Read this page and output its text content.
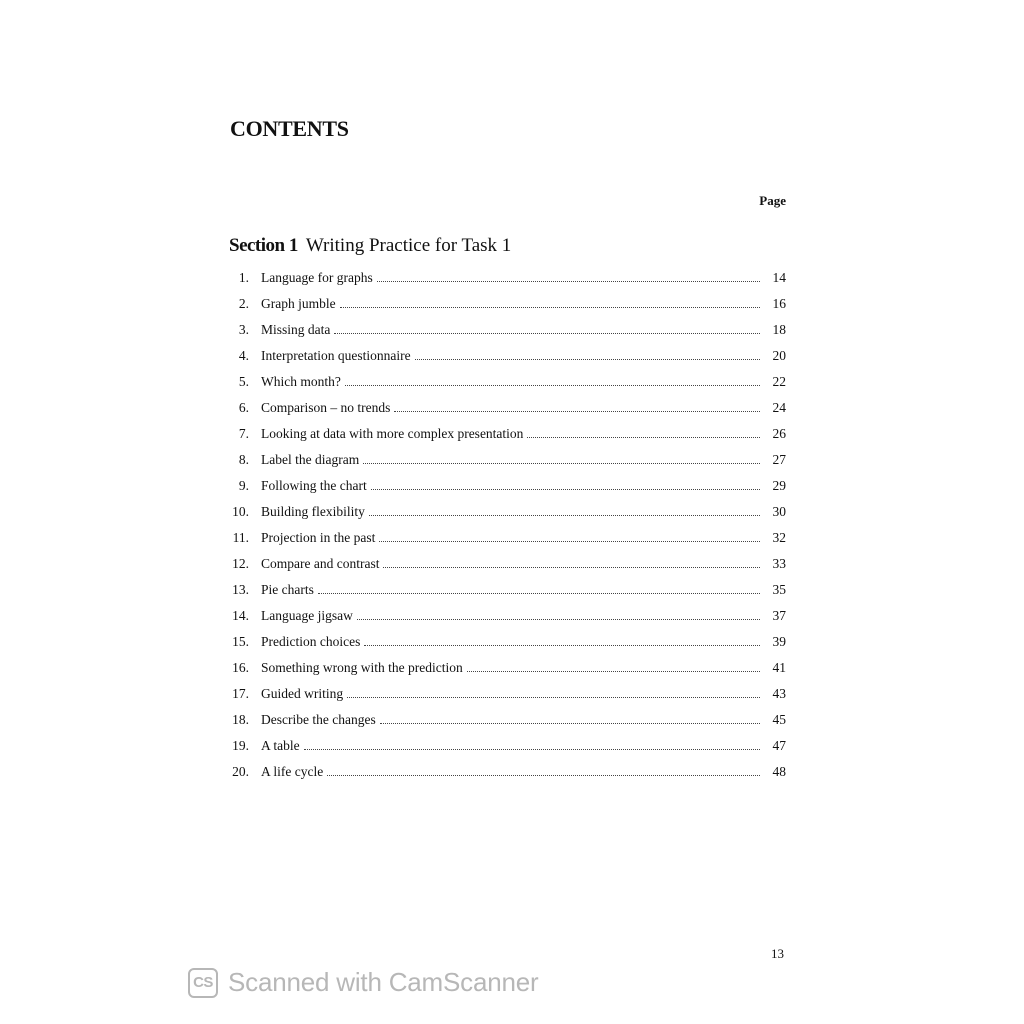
CONTENTS
Page
Section 1 Writing Practice for Task 1
1. Language for graphs	14
2. Graph jumble	16
3. Missing data	18
4. Interpretation questionnaire	20
5. Which month?	22
6. Comparison – no trends	24
7. Looking at data with more complex presentation	26
8. Label the diagram	27
9. Following the chart	29
10. Building flexibility	30
11. Projection in the past	32
12. Compare and contrast	33
13. Pie charts	35
14. Language jigsaw	37
15. Prediction choices	39
16. Something wrong with the prediction	41
17. Guided writing	43
18. Describe the changes	45
19. A table	47
20. A life cycle	48
13
CS Scanned with CamScanner
